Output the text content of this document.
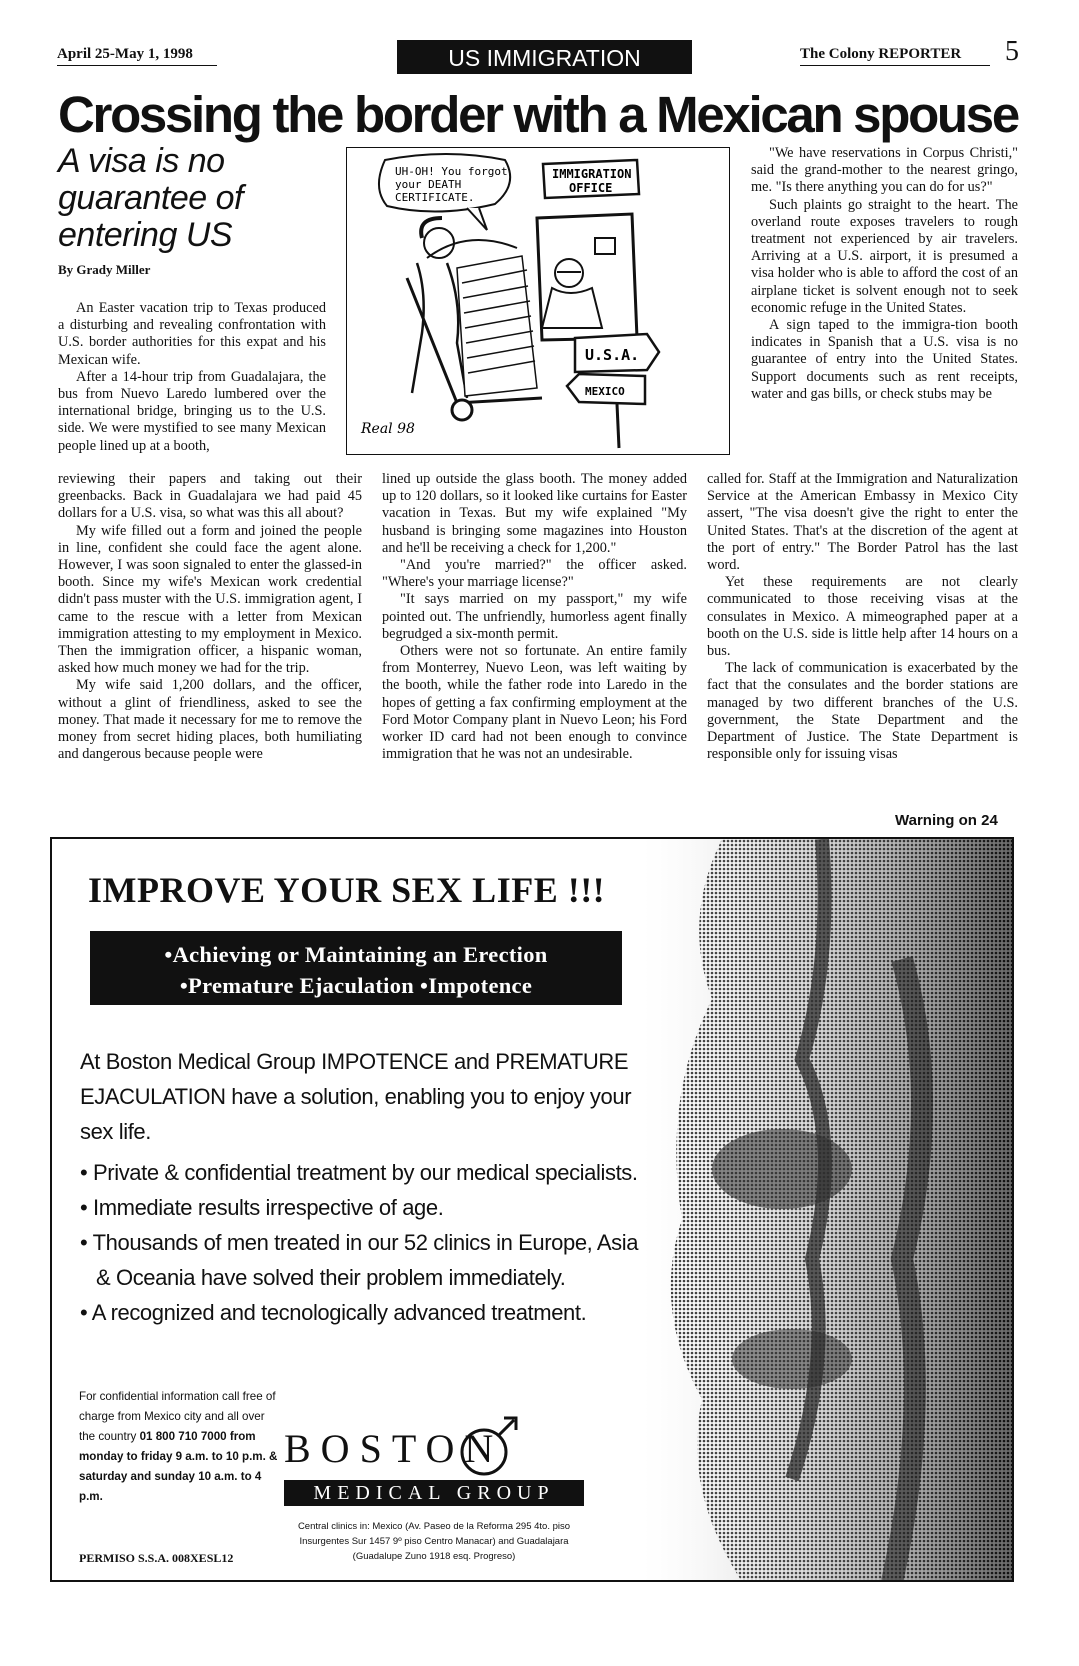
April 25-May 1, 1998	US IMMIGRATION	The Colony REPORTER	5
Crossing the border with a Mexican spouse
A visa is no guarantee of entering US
By Grady Miller

An Easter vacation trip to Texas produced a disturbing and revealing confrontation with U.S. border authorities for this expat and his Mexican wife.

After a 14-hour trip from Guadalajara, the bus from Nuevo Laredo lumbered over the international bridge, bringing us to the U.S. side. We were mystified to see many Mexican people lined up at a booth,

reviewing their papers and taking out their greenbacks. Back in Guadalajara we had paid 45 dollars for a U.S. visa, so what was this all about?

My wife filled out a form and joined the people in line, confident she could face the agent alone. However, I was soon signaled to enter the glassed-in booth. Since my wife's Mexican work credential didn't pass muster with the U.S. immigration agent, I came to the rescue with a letter from Mexican immigration attesting to my employment in Mexico. Then the immigration officer, a hispanic woman, asked how much money we had for the trip.

My wife said 1,200 dollars, and the officer, without a glint of friendliness, asked to see the money. That made it necessary for me to remove the money from secret hiding places, both humiliating and dangerous because people were

UH-OH! You forgot
your DEATH
CERTIFICATE.
IMMIGRATION
OFFICE
U.S.A.
MEXICO
Real 98

lined up outside the glass booth. The money added up to 120 dollars, so it looked like curtains for Easter vacation in Texas. But my wife explained "My husband is bringing some magazines into Houston and he'll be receiving a check for 1,200."

"And you're married?" the officer asked. "Where's your marriage license?"

"It says married on my passport," my wife pointed out. The unfriendly, humorless agent finally begrudged a six-month permit.

Others were not so fortunate. An entire family from Monterrey, Nuevo Leon, was left waiting by the booth, while the father rode into Laredo in the hopes of getting a fax confirming employment at the Ford Motor Company plant in Nuevo Leon; his Ford worker ID card had not been enough to convince immigration that he was not an undesirable.

"We have reservations in Corpus Christi," said the grand-mother to the nearest gringo, me. "Is there anything you can do for us?"

Such plaints go straight to the heart. The overland route exposes travelers to rough treatment not experienced by air travelers. Arriving at a U.S. airport, it is presumed a visa holder who is able to afford the cost of an airplane ticket is solvent enough not to seek economic refuge in the United States.

A sign taped to the immigra-tion booth indicates in Spanish that a U.S. visa is no guarantee of entry into the United States. Support documents such as rent receipts, water and gas bills, or check stubs may be

called for. Staff at the Immigration and Naturalization Service at the American Embassy in Mexico City assert, "The visa doesn't give the right to enter the United States. That's at the discretion of the agent at the port of entry." The Border Patrol has the last word.

Yet these requirements are not clearly communicated to those receiving visas at the consulates in Mexico. A mimeographed paper at a booth on the U.S. side is little help after 14 hours on a bus.

The lack of communication is exacerbated by the fact that the consulates and the border stations are managed by two different branches of the U.S. government, the State Department and the Department of Justice. The State Department is responsible only for issuing visas

Warning on 24
IMPROVE YOUR SEX LIFE !!!
•Achieving or Maintaining an Erection
•Premature Ejaculation •Impotence

At Boston Medical Group IMPOTENCE and PREMATURE EJACULATION have a solution, enabling you to enjoy your sex life.

• Private & confidential treatment by our medical specialists.

• Immediate results irrespective of age.

• Thousands of men treated in our 52 clinics in Europe, Asia & Oceania have solved their problem immediately.

• A recognized and tecnologically advanced treatment.

For confidential information call free of charge from Mexico city and all over the country 01 800 710 7000 from monday to friday 9 a.m. to 10 p.m. & saturday and sunday 10 a.m. to 4 p.m.
PERMISO S.S.A. 008XESL12
BOSTON
MEDICAL GROUP
Central clinics in: Mexico (Av. Paseo de la Reforma 295 4to. piso Insurgentes Sur 1457 9º piso Centro Manacar) and Guadalajara (Guadalupe Zuno 1918 esq. Progreso)
